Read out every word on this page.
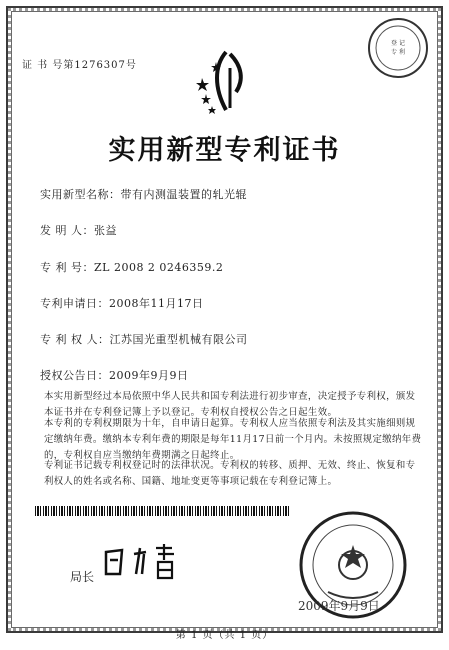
证 书 号第1276307号
登 记
专 利
实用新型专利证书
实用新型名称：带有内测温装置的轧光辊
发 明 人：张益
专 利 号：ZL 2008 2 0246359.2
专利申请日：2008年11月17日
专 利 权 人：江苏国光重型机械有限公司
授权公告日：2009年9月9日
本实用新型经过本局依照中华人民共和国专利法进行初步审查，决定授予专利权，颁发本证书并在专利登记簿上予以登记。专利权自授权公告之日起生效。
本专利的专利权期限为十年，自申请日起算。专利权人应当依照专利法及其实施细则规定缴纳年费。缴纳本专利年费的期限是每年11月17日前一个月内。未按照规定缴纳年费的，专利权自应当缴纳年费期满之日起终止。
专利证书记载专利权登记时的法律状况。专利权的转移、质押、无效、终止、恢复和专利权人的姓名或名称、国籍、地址变更等事项记载在专利登记簿上。
局长
2009年9月9日
第 1 页（共 1 页）
